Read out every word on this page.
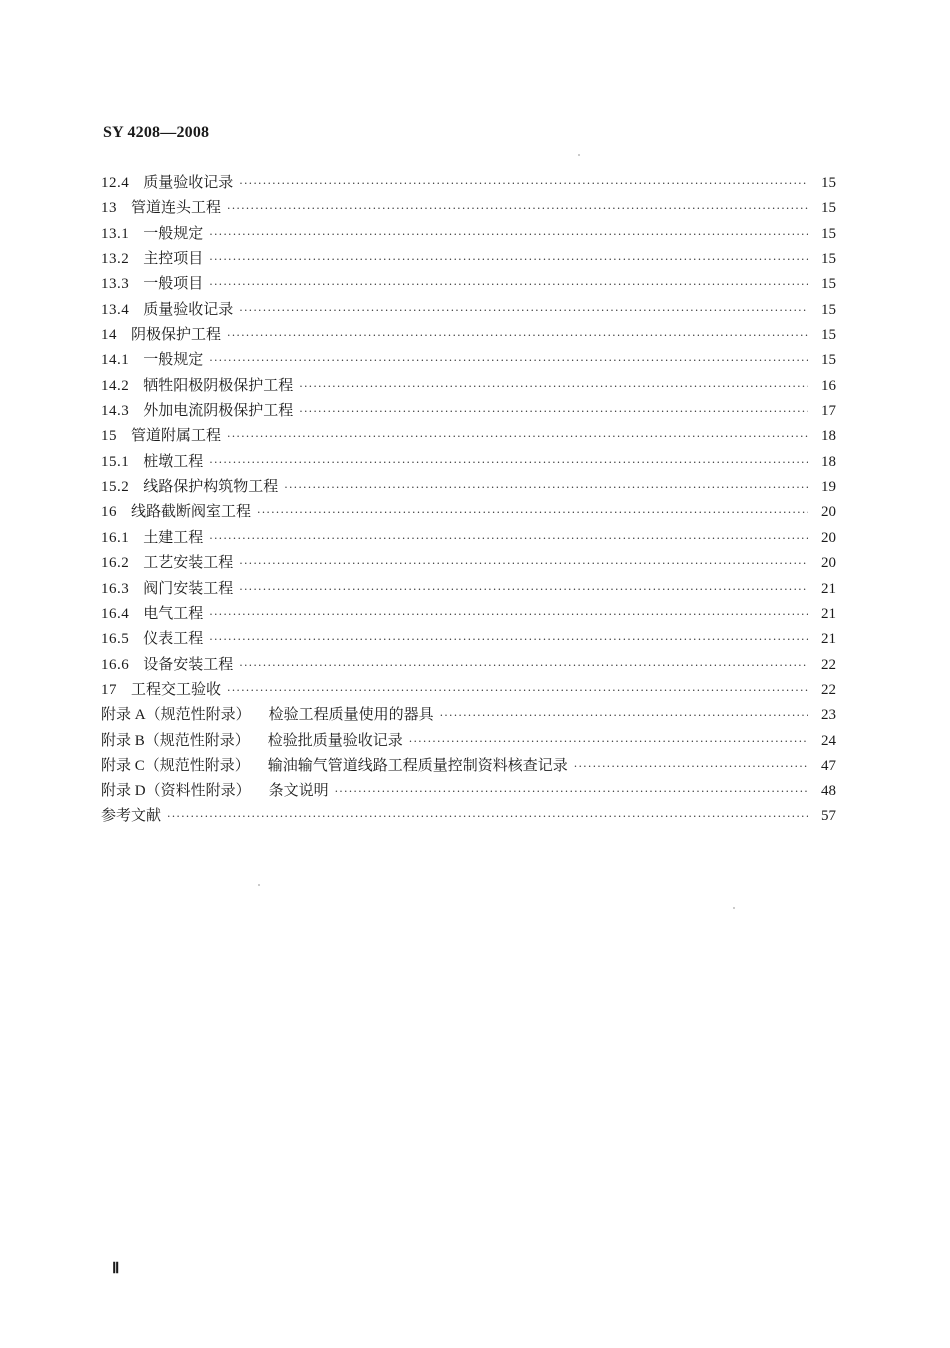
SY 4208—2008
12.4 质量验收记录 ·····	15
13 管道连头工程 ·····	15
13.1 一般规定 ·····	15
13.2 主控项目 ·····	15
13.3 一般项目 ·····	15
13.4 质量验收记录 ·····	15
14 阴极保护工程 ·····	15
14.1 一般规定 ·····	15
14.2 牺牲阳极阴极保护工程 ·····	16
14.3 外加电流阴极保护工程 ·····	17
15 管道附属工程 ·····	18
15.1 桩墩工程 ·····	18
15.2 线路保护构筑物工程 ·····	19
16 线路截断阀室工程 ·····	20
16.1 土建工程 ·····	20
16.2 工艺安装工程 ·····	20
16.3 阀门安装工程 ·····	21
16.4 电气工程 ·····	21
16.5 仪表工程 ·····	21
16.6 设备安装工程 ·····	22
17 工程交工验收 ·····	22
附录 A（规范性附录）	检验工程质量使用的器具 ·····	23
附录 B（规范性附录）	检验批质量验收记录 ·····	24
附录 C（规范性附录）	输油输气管道线路工程质量控制资料核查记录 ·····	47
附录 D（资料性附录）	条文说明 ·····	48
参考文献 ·····	57
Ⅱ
